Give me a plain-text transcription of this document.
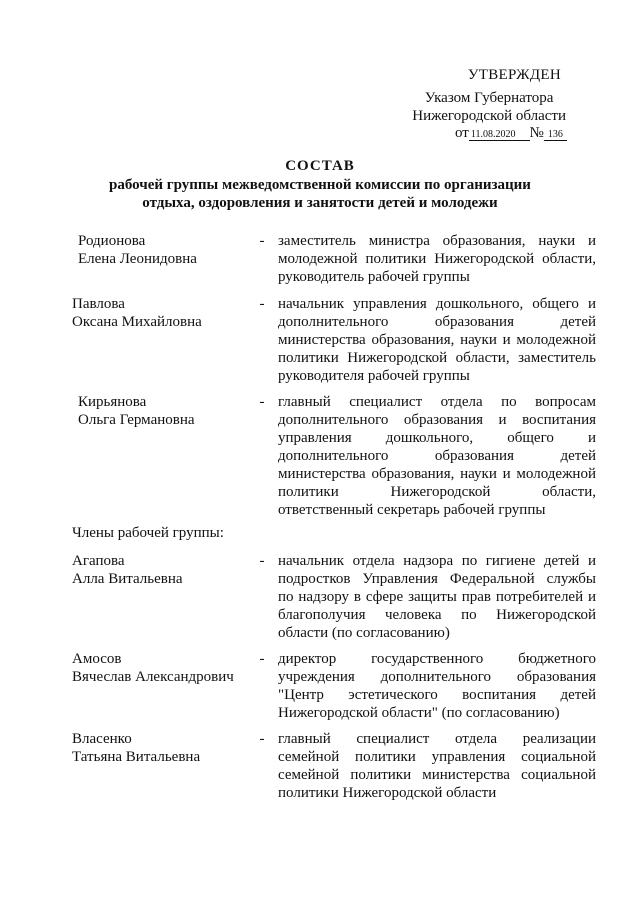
УТВЕРЖДЕН
Указом Губернатора
Нижегородской области
от 11.08.2020 № 136
СОСТАВ
рабочей группы межведомственной комиссии по организации
отдыха, оздоровления и занятости детей и молодежи
Родионова
Елена Леонидовна
- заместитель министра образования, науки и
молодежной политики Нижегородской области,
руководитель рабочей группы
Павлова
Оксана Михайловна
- начальник управления дошкольного, общего и
дополнительного образования детей
министерства образования, науки и молодежной
политики Нижегородской области, заместитель
руководителя рабочей группы
Кирьянова
Ольга Германовна
- главный специалист отдела по вопросам
дополнительного образования и воспитания
управления дошкольного, общего и
дополнительного образования детей
министерства образования, науки и молодежной
политики Нижегородской области,
ответственный секретарь рабочей группы
Члены рабочей группы:
Агапова
Алла Витальевна
- начальник отдела надзора по гигиене детей и
подростков Управления Федеральной службы
по надзору в сфере защиты прав потребителей и
благополучия человека по Нижегородской
области (по согласованию)
Амосов
Вячеслав Александрович
- директор государственного бюджетного
учреждения дополнительного образования
"Центр эстетического воспитания детей
Нижегородской области" (по согласованию)
Власенко
Татьяна Витальевна
- главный специалист отдела реализации
семейной политики управления социальной
семейной политики министерства социальной
политики Нижегородской области
